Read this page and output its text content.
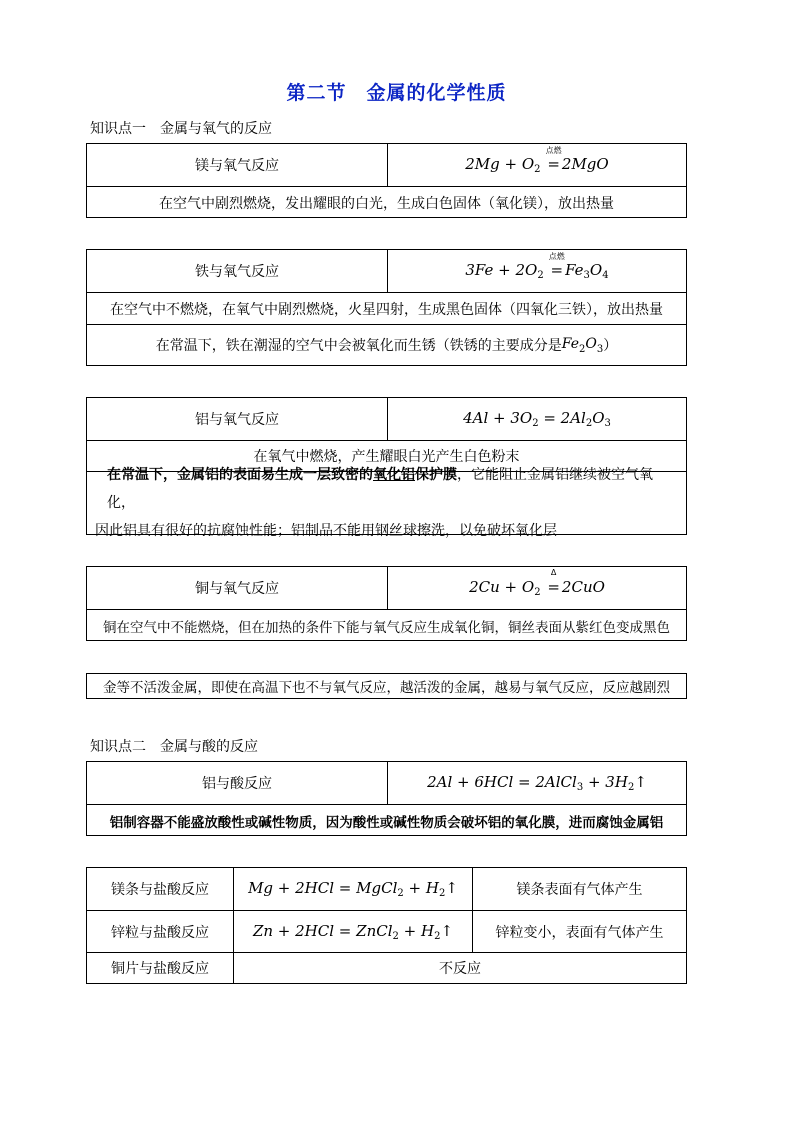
第二节　金属的化学性质
知识点一　金属与氧气的反应
镁与氧气反应	$2Mg + O_2$
点燃
= 2MgO
在空气中剧烈燃烧，发出耀眼的白光，生成白色固体（氧化镁），放出热量
铁与氧气反应	$3Fe + 2O_2$
点燃
= $Fe_3O_4$
在空气中不燃烧，在氧气中剧烈燃烧，火星四射，生成黑色固体（四氧化三铁），放出热量
在常温下，铁在潮湿的空气中会被氧化而生锈（铁锈的主要成分是 $Fe_2O_3$ ）
铝与氧气反应	$4Al + 3O_2 = 2Al_2O_3$
在氧气中燃烧，产生耀眼白光产生白色粉末
在常温下，金属铝的表面易生成一层致密的氧化铝保护膜，它能阻止金属铝继续被空气氧化，
因此铝具有很好的抗腐蚀性能；铝制品不能用钢丝球擦洗，以免破坏氧化层
铜与氧气反应	$2Cu + O_2$
Δ
= 2CuO
铜在空气中不能燃烧，但在加热的条件下能与氧气反应生成氧化铜，铜丝表面从紫红色变成黑色
金等不活泼金属，即使在高温下也不与氧气反应，越活泼的金属，越易与氧气反应，反应越剧烈
知识点二　金属与酸的反应
铝与酸反应	2Al + 6HCl = 2AlCl$_3$ + $3H_2↑$
铝制容器不能盛放酸性或碱性物质，因为酸性或碱性物质会破坏铝的氧化膜，进而腐蚀金属铝
镁条与盐酸反应	Mg + 2HCl = MgCl$_2$ + $H_2↑$	镁条表面有气体产生
锌粒与盐酸反应	Zn + 2HCl = ZnCl$_2$ + $H_2↑$	锌粒变小，表面有气体产生
铜片与盐酸反应	不反应
